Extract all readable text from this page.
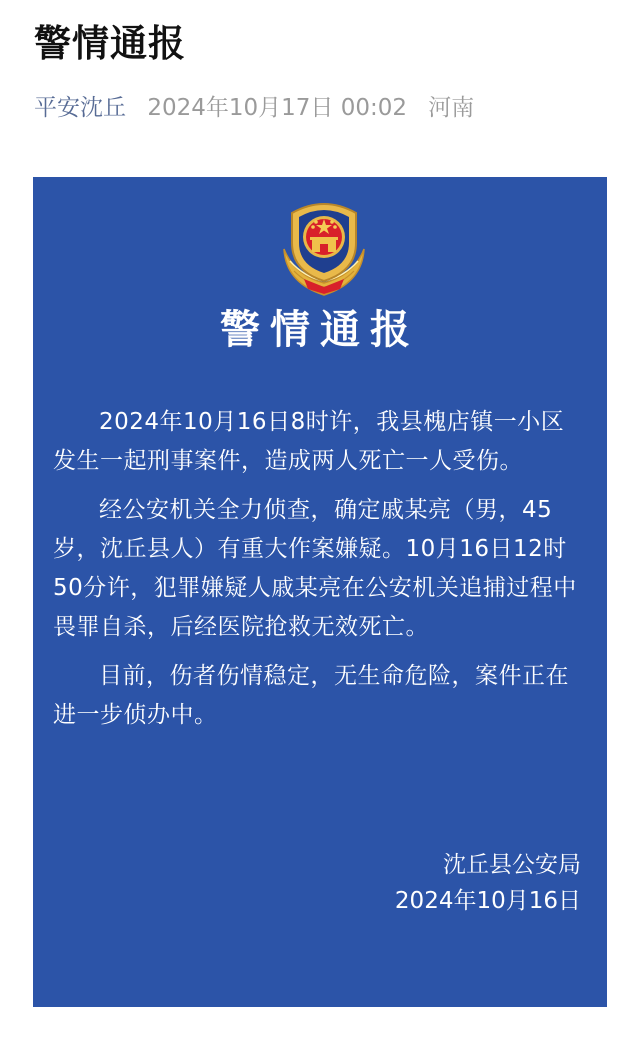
警情通报
平安沈丘 2024年10月17日 00:02 河南
警情通报

2024年10月16日8时许，我县槐店镇一小区发生一起刑事案件，造成两人死亡一人受伤。

经公安机关全力侦查，确定戚某亮（男，45岁，沈丘县人）有重大作案嫌疑。10月16日12时50分许，犯罪嫌疑人戚某亮在公安机关追捕过程中畏罪自杀，后经医院抢救无效死亡。

目前，伤者伤情稳定，无生命危险，案件正在进一步侦办中。

沈丘县公安局
2024年10月16日
